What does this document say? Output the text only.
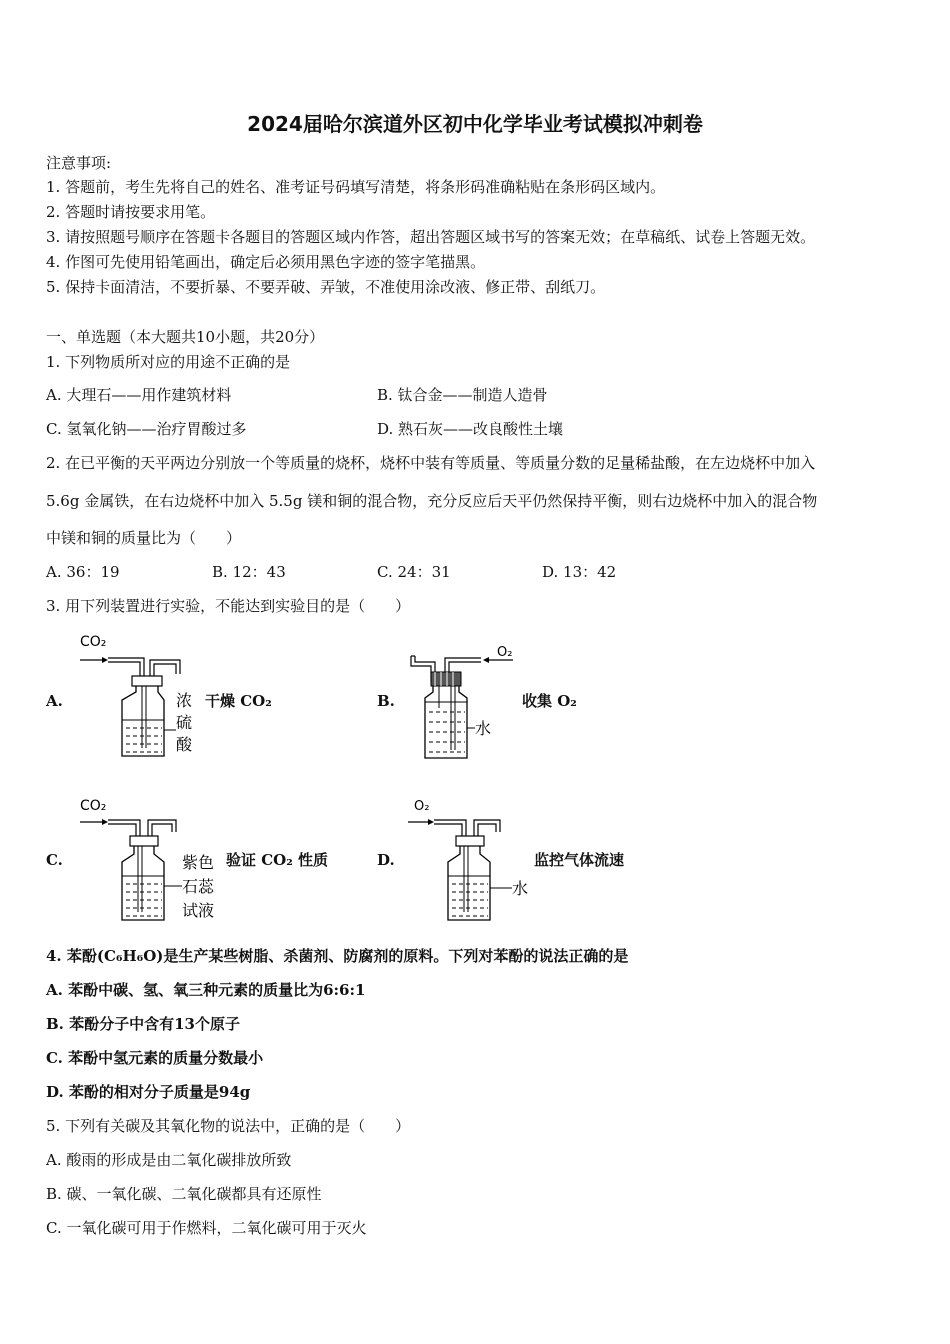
2024届哈尔滨道外区初中化学毕业考试模拟冲刺卷
注意事项:
1. 答题前，考生先将自己的姓名、准考证号码填写清楚，将条形码准确粘贴在条形码区域内。
2. 答题时请按要求用笔。
3. 请按照题号顺序在答题卡各题目的答题区域内作答，超出答题区域书写的答案无效；在草稿纸、试卷上答题无效。
4. 作图可先使用铅笔画出，确定后必须用黑色字迹的签字笔描黑。
5. 保持卡面清洁，不要折暴、不要弄破、弄皱，不准使用涂改液、修正带、刮纸刀。
一、单选题（本大题共10小题，共20分）
1. 下列物质所对应的用途不正确的是
A. 大理石——用作建筑材料	B. 钛合金——制造人造骨
C. 氢氧化钠——治疗胃酸过多	D. 熟石灰——改良酸性土壤
2. 在已平衡的天平两边分别放一个等质量的烧杯，烧杯中装有等质量、等质量分数的足量稀盐酸，在左边烧杯中加入
5.6g 金属铁，在右边烧杯中加入 5.5g 镁和铜的混合物，充分反应后天平仍然保持平衡，则右边烧杯中加入的混合物
中镁和铜的质量比为（　　）
A. 36：19	B. 12：43	C. 24：31	D. 13：42
3. 用下列装置进行实验，不能达到实验目的是（　　）
A.
CO₂
浓
硫
酸
干燥 CO₂	B.
O₂
水
收集 O₂
C.
CO₂
紫色
石蕊
试液
验证 CO₂ 性质	D.
O₂
水
监控气体流速
4. 苯酚(C₆H₆O)是生产某些树脂、杀菌剂、防腐剂的原料。下列对苯酚的说法正确的是
A. 苯酚中碳、氢、氧三种元素的质量比为6:6:1
B. 苯酚分子中含有13个原子
C. 苯酚中氢元素的质量分数最小
D. 苯酚的相对分子质量是94g
5. 下列有关碳及其氧化物的说法中，正确的是（　　）
A. 酸雨的形成是由二氧化碳排放所致
B. 碳、一氧化碳、二氧化碳都具有还原性
C. 一氧化碳可用于作燃料，二氧化碳可用于灭火
